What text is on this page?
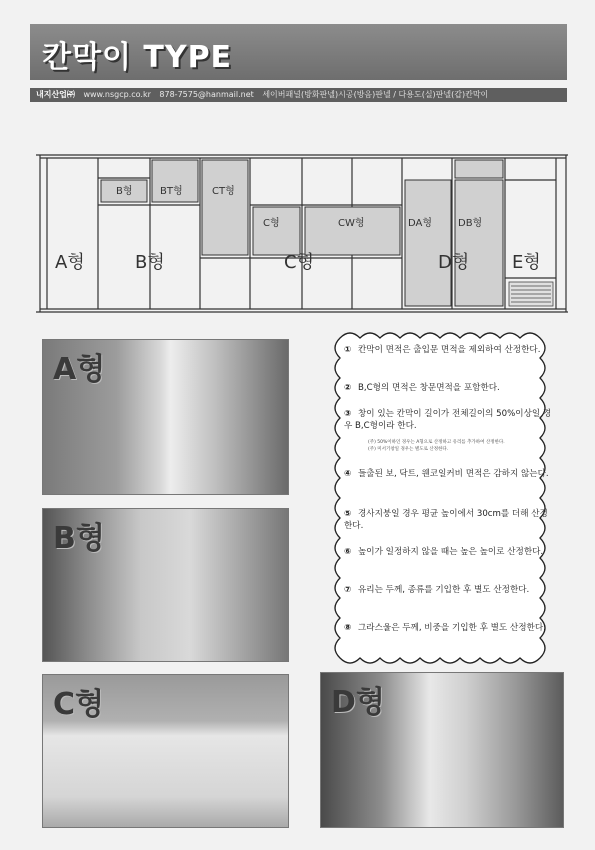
칸막이 TYPE
내지산업㈜ www.nsgcp.co.kr 878-7575@hanmail.net 세이버패널(방화판넬)시공(방음)판넬 / 다용도(실)판넬(갑)칸막이
A형	B형	C형	D형 E형
B형	BT형	CT형
C형	CW형	DA형	DB형
A형
B형
C형	D형
① 칸막이 면적은 출입문 면적을 제외하여 산정한다.
② B,C형의 면적은 창문면적을 포함한다.
③ 창이 있는 칸막이 길이가 전체길이의 50%이상일 경우 B,C형이라 한다.
(주) 50%이하인 경우는 A형으로 산정하고 유리를 추가하여 산정한다.
(주) 미서기창일 경우는 별도로 산정한다.
④ 들출된 보, 닥트, 웬코일커비 면적은 감하지 않는다.
⑤ 경사지붕일 경우 평균 높이에서 30cm를 더해 산정한다.
⑥ 높이가 일정하지 않을 때는 높은 높이로 산정한다.
⑦ 유리는 두께, 종류를 기입한 후 별도 산정한다.
⑧ 그라스울은 두께, 비중을 기입한 후 별도 산정한다.
